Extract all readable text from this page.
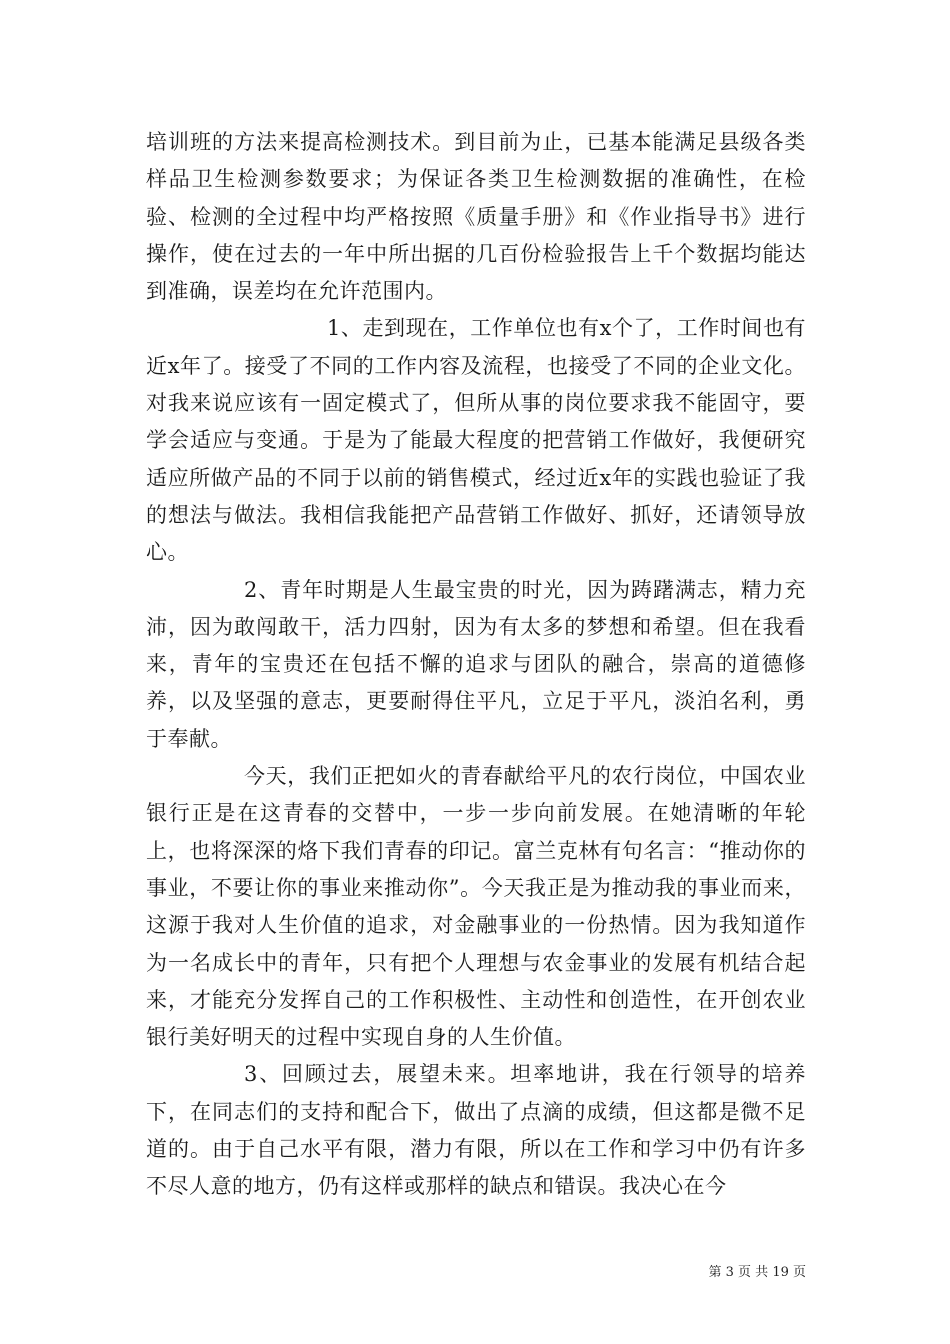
培训班的方法来提高检测技术。到目前为止，已基本能满足县级各类样品卫生检测参数要求；为保证各类卫生检测数据的准确性，在检验、检测的全过程中均严格按照《质量手册》和《作业指导书》进行操作，使在过去的一年中所出据的几百份检验报告上千个数据均能达到准确，误差均在允许范围内。

1、走到现在，工作单位也有x个了，工作时间也有近x年了。接受了不同的工作内容及流程，也接受了不同的企业文化。对我来说应该有一固定模式了，但所从事的岗位要求我不能固守，要学会适应与变通。于是为了能最大程度的把营销工作做好，我便研究适应所做产品的不同于以前的销售模式，经过近x年的实践也验证了我的想法与做法。我相信我能把产品营销工作做好、抓好，还请领导放心。

2、青年时期是人生最宝贵的时光，因为踌躇满志，精力充沛，因为敢闯敢干，活力四射，因为有太多的梦想和希望。但在我看来，青年的宝贵还在包括不懈的追求与团队的融合，崇高的道德修养，以及坚强的意志，更要耐得住平凡，立足于平凡，淡泊名利，勇于奉献。

今天，我们正把如火的青春献给平凡的农行岗位，中国农业银行正是在这青春的交替中，一步一步向前发展。在她清晰的年轮上，也将深深的烙下我们青春的印记。富兰克林有句名言：“推动你的事业，不要让你的事业来推动你”。今天我正是为推动我的事业而来，这源于我对人生价值的追求，对金融事业的一份热情。因为我知道作为一名成长中的青年，只有把个人理想与农金事业的发展有机结合起来，才能充分发挥自己的工作积极性、主动性和创造性，在开创农业银行美好明天的过程中实现自身的人生价值。

3、回顾过去，展望未来。坦率地讲，我在行领导的培养下，在同志们的支持和配合下，做出了点滴的成绩，但这都是微不足道的。由于自己水平有限，潜力有限，所以在工作和学习中仍有许多不尽人意的地方，仍有这样或那样的缺点和错误。我决心在今

第 3 页 共 19 页
